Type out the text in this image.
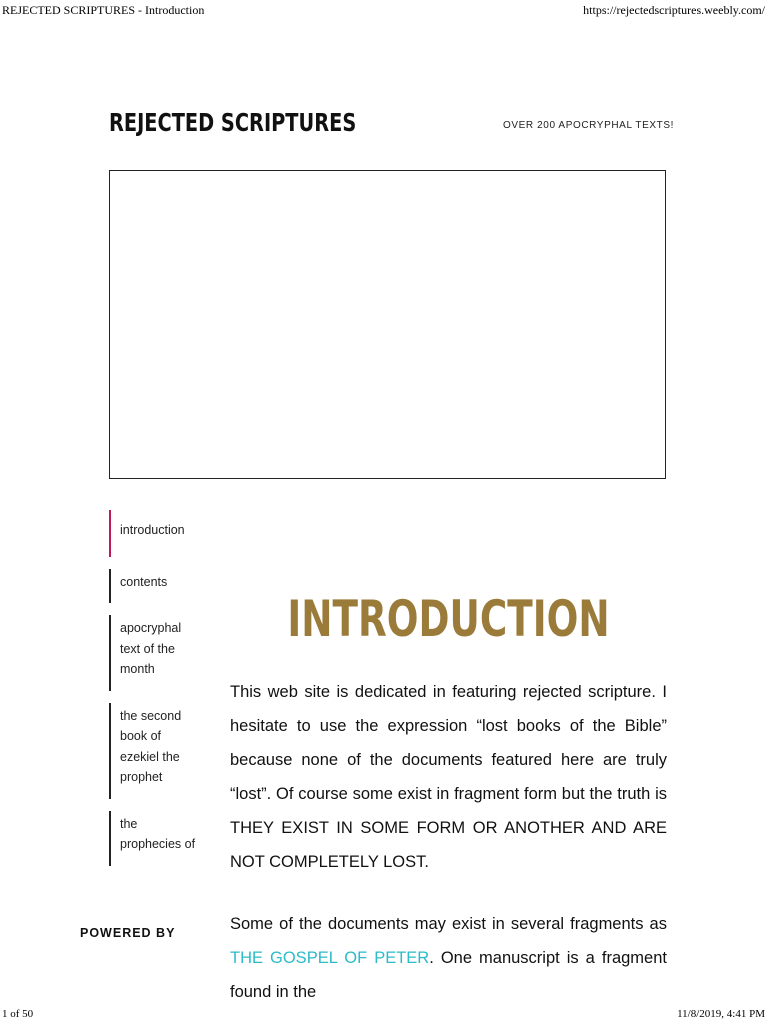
REJECTED SCRIPTURES - Introduction	https://rejectedscriptures.weebly.com/
REJECTED SCRIPTURES	OVER 200 APOCRYPHAL TEXTS!
introduction
contents
apocryphal text of the month
the second book of ezekiel the prophet
the prophecies of
INTRODUCTION

This web site is dedicated in featuring rejected scripture. I hesitate to use the expression “lost books of the Bible” because none of the documents featured here are truly “lost”. Of course some exist in fragment form but the truth is THEY EXIST IN SOME FORM OR ANOTHER AND ARE NOT COMPLETELY LOST.

Some of the documents may exist in several fragments as THE GOSPEL OF PETER. One manuscript is a fragment found in the

POWERED BY
1 of 50	11/8/2019, 4:41 PM
